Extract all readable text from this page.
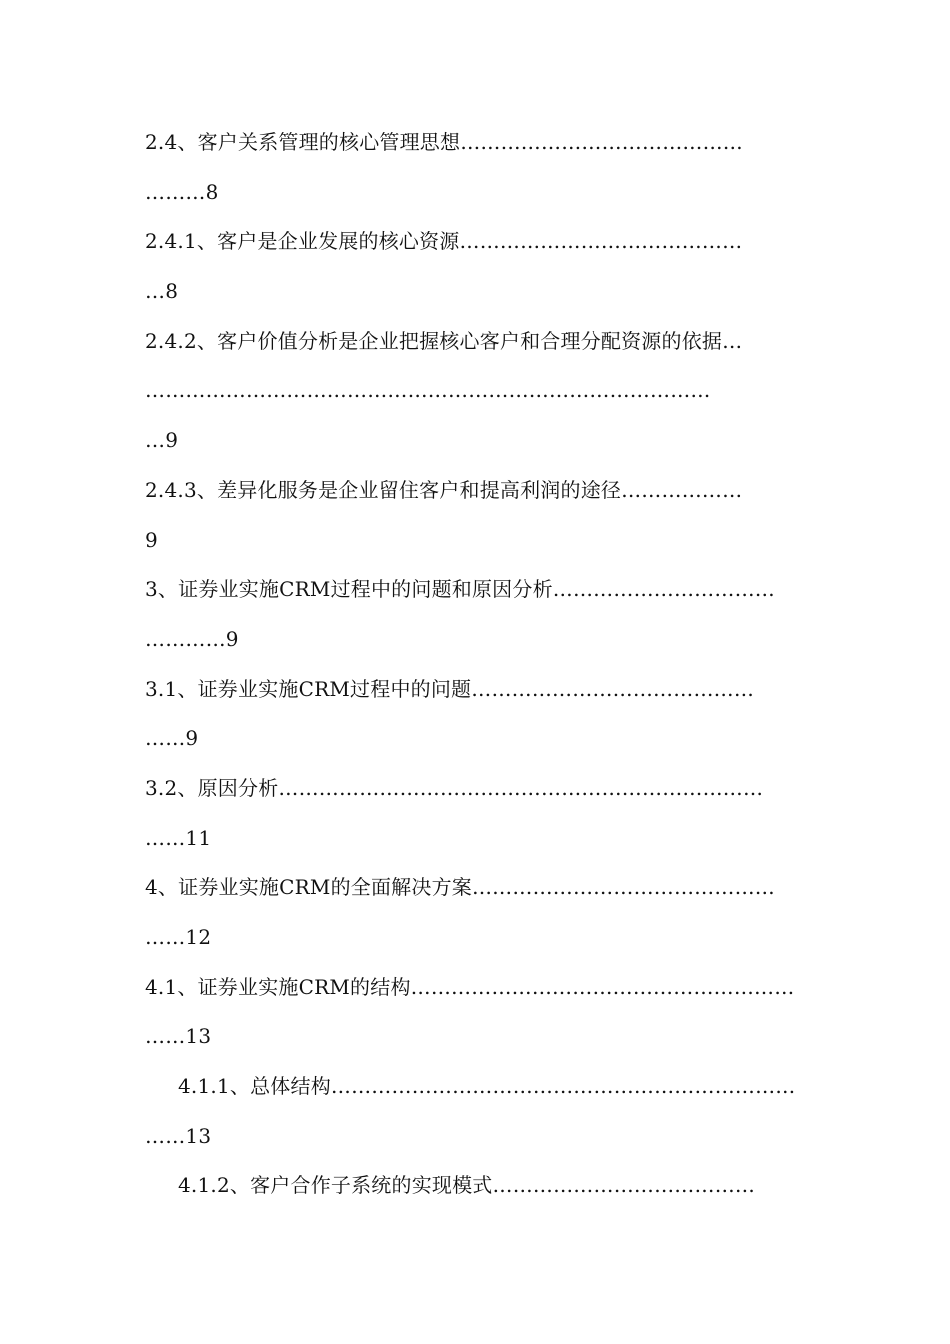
2.4、客户关系管理的核心管理思想……………………………………
………8
2.4.1、客户是企业发展的核心资源……………………………………
…8
2.4.2、客户价值分析是企业把握核心客户和合理分配资源的依据…
…………………………………………………………………………
…9
2.4.3、差异化服务是企业留住客户和提高利润的途径………………
9
3、证券业实施CRM过程中的问题和原因分析……………………………
…………9
3.1、证券业实施CRM过程中的问题……………………………………
……9
3.2、原因分析………………………………………………………………
……11
4、证券业实施CRM的全面解决方案………………………………………
……12
4.1、证券业实施CRM的结构…………………………………………………
……13
4.1.1、总体结构……………………………………………………………
……13
4.1.2、客户合作子系统的实现模式…………………………………
